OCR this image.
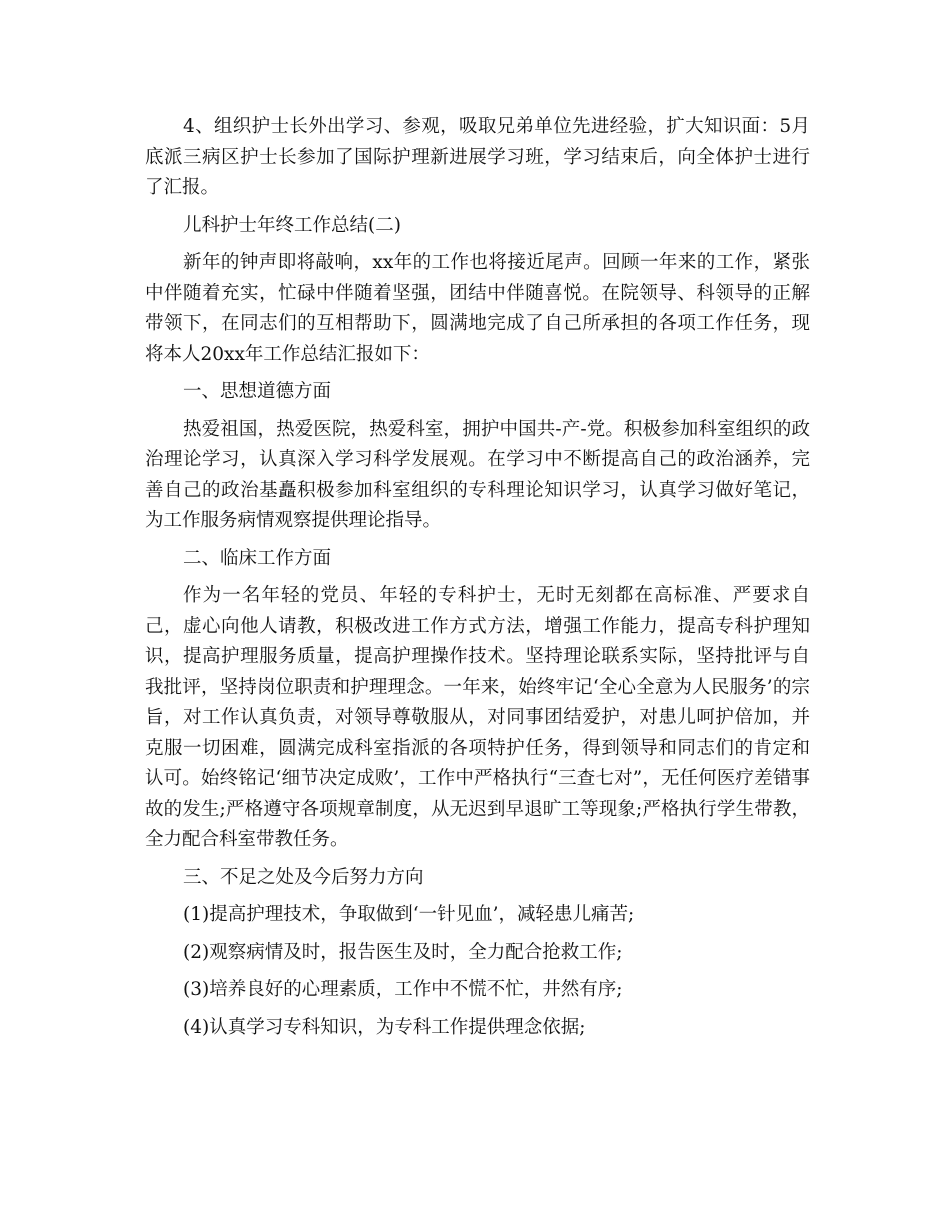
4、组织护士长外出学习、参观，吸取兄弟单位先进经验，扩大知识面：5月底派三病区护士长参加了国际护理新进展学习班，学习结束后，向全体护士进行了汇报。

儿科护士年终工作总结(二)

新年的钟声即将敲响，xx年的工作也将接近尾声。回顾一年来的工作，紧张中伴随着充实，忙碌中伴随着坚强，团结中伴随喜悦。在院领导、科领导的正解带领下，在同志们的互相帮助下，圆满地完成了自己所承担的各项工作任务，现将本人20xx年工作总结汇报如下：

一、思想道德方面

热爱祖国，热爱医院，热爱科室，拥护中国共-产-党。积极参加科室组织的政治理论学习，认真深入学习科学发展观。在学习中不断提高自己的政治涵养，完善自己的政治基矗积极参加科室组织的专科理论知识学习，认真学习做好笔记，为工作服务病情观察提供理论指导。

二、临床工作方面

作为一名年轻的党员、年轻的专科护士，无时无刻都在高标准、严要求自己，虚心向他人请教，积极改进工作方式方法，增强工作能力，提高专科护理知识，提高护理服务质量，提高护理操作技术。坚持理论联系实际，坚持批评与自我批评，坚持岗位职责和护理理念。一年来，始终牢记‘全心全意为人民服务’的宗旨，对工作认真负责，对领导尊敬服从，对同事团结爱护，对患儿呵护倍加，并克服一切困难，圆满完成科室指派的各项特护任务，得到领导和同志们的肯定和认可。始终铭记‘细节决定成败’，工作中严格执行“三查七对”，无任何医疗差错事故的发生;严格遵守各项规章制度，从无迟到早退旷工等现象;严格执行学生带教，全力配合科室带教任务。

三、不足之处及今后努力方向

(1)提高护理技术，争取做到‘一针见血’，减轻患儿痛苦;

(2)观察病情及时，报告医生及时，全力配合抢救工作;

(3)培养良好的心理素质，工作中不慌不忙，井然有序;

(4)认真学习专科知识，为专科工作提供理念依据;
